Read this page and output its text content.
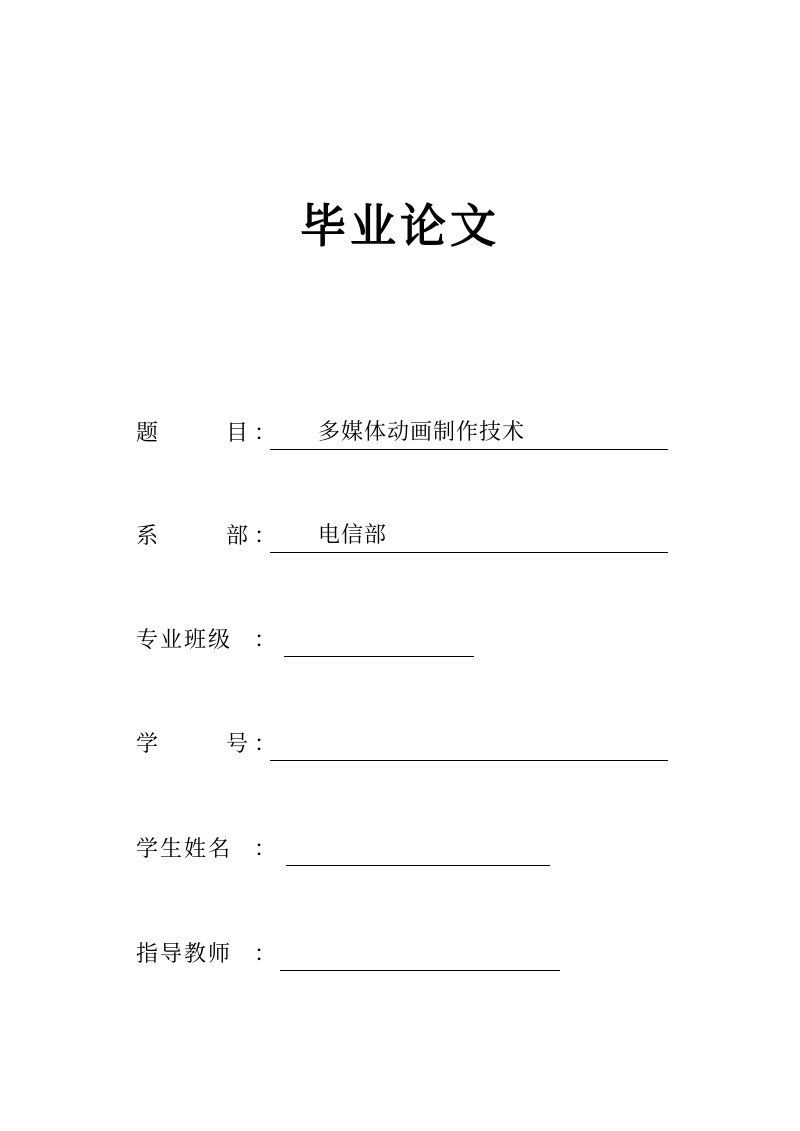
毕业论文
题	目 ： 多媒体动画制作技术
系	部 ： 电信部
专业班级 ：
学	号 ：
学生姓名 ：
指导教师 ：
